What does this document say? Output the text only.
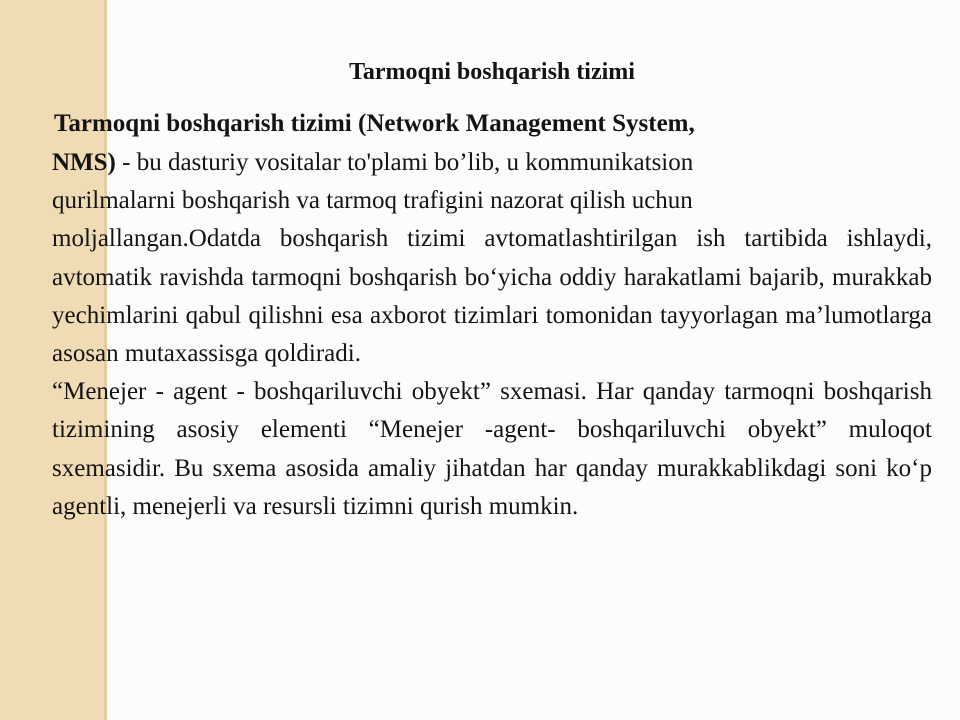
Tarmoqni boshqarish tizimi
Tarmoqni boshqarish tizimi (Network Management System,
NMS) - bu dasturiy vositalar to'plami bo’lib, u kommunikatsion
qurilmalarni boshqarish va tarmoq trafigini nazorat qilish uchun
moljallangan.Odatda boshqarish tizimi avtomatlashtirilgan ish tartibida ishlaydi, avtomatik ravishda tarmoqni boshqarish bo‘yicha oddiy harakatlami bajarib, murakkab yechimlarini qabul qilishni esa axborot tizimlari tomonidan tayyorlagan ma’lumotlarga asosan mutaxassisga qoldiradi.
“Menejer - agent - boshqariluvchi obyekt” sxemasi. Har qanday tarmoqni boshqarish tizimining asosiy elementi “Menejer -agent- boshqariluvchi obyekt” muloqot sxemasidir. Bu sxema asosida amaliy jihatdan har qanday murakkablikdagi soni ko‘p agentli, menejerli va resursli tizimni qurish mumkin.
